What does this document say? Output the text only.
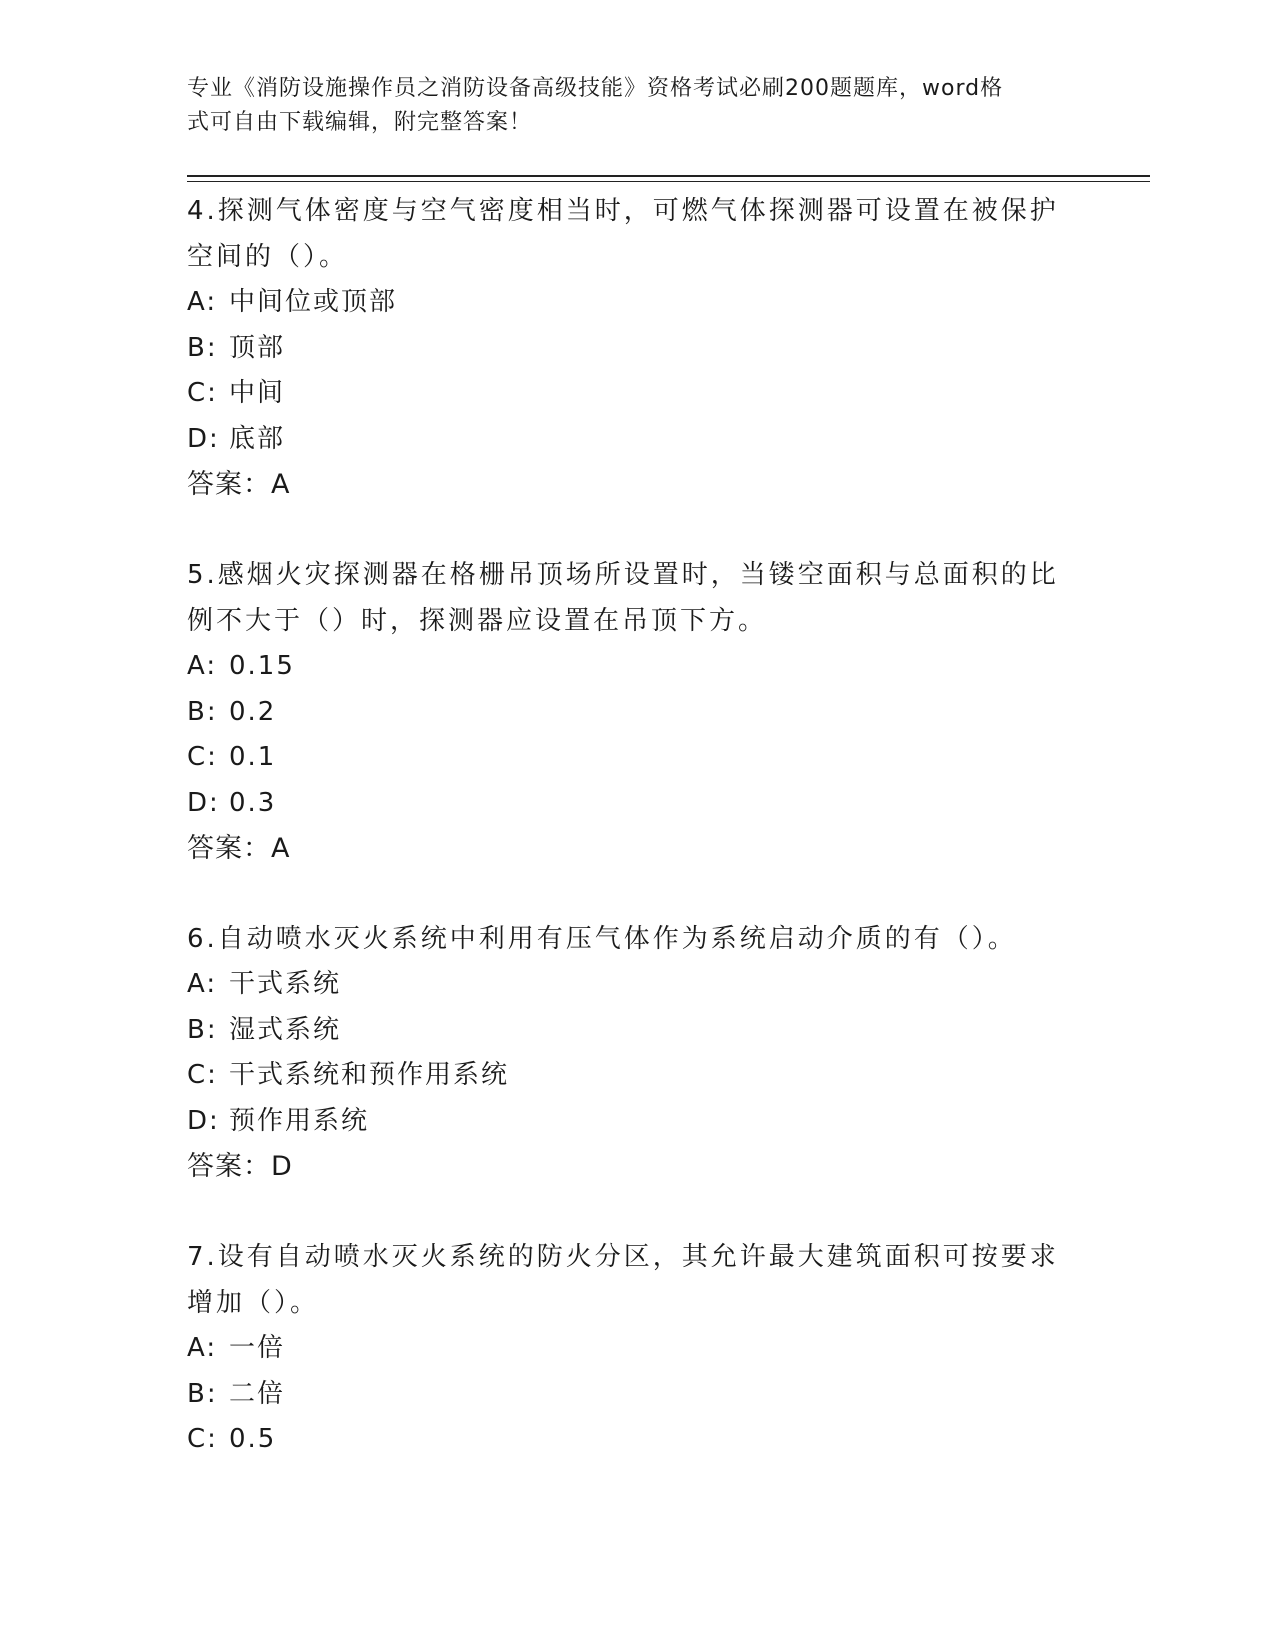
专业《消防设施操作员之消防设备高级技能》资格考试必刷200题题库，word格
式可自由下载编辑，附完整答案！

4.探测气体密度与空气密度相当时，可燃气体探测器可设置在被保护
空间的（）。

A: 中间位或顶部
B: 顶部
C: 中间
D: 底部
答案：A

5.感烟火灾探测器在格栅吊顶场所设置时，当镂空面积与总面积的比
例不大于（）时，探测器应设置在吊顶下方。

A: 0.15
B: 0.2
C: 0.1
D: 0.3
答案：A

6.自动喷水灭火系统中利用有压气体作为系统启动介质的有（）。

A: 干式系统
B: 湿式系统
C: 干式系统和预作用系统
D: 预作用系统
答案：D

7.设有自动喷水灭火系统的防火分区，其允许最大建筑面积可按要求
增加（）。

A: 一倍
B: 二倍
C: 0.5
